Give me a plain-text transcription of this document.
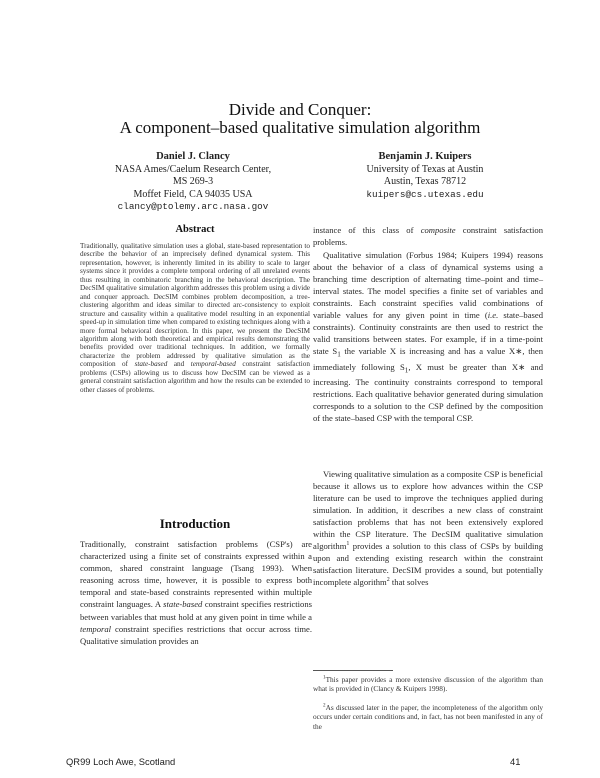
Divide and Conquer:
A component–based qualitative simulation algorithm
Daniel J. Clancy
NASA Ames/Caelum Research Center,
MS 269-3
Moffet Field, CA 94035 USA
clancy@ptolemy.arc.nasa.gov
Benjamin J. Kuipers
University of Texas at Austin
Austin, Texas 78712
kuipers@cs.utexas.edu
Abstract

Traditionally, qualitative simulation uses a global, state-based representation to describe the behavior of an imprecisely defined dynamical system. This representation, however, is inherently limited in its ability to scale to larger systems since it provides a complete temporal ordering of all unrelated events thus resulting in combinatoric branching in the behavioral description. The DecSIM qualitative simulation algorithm addresses this problem using a divide and conquer approach. DecSIM combines problem decomposition, a tree-clustering algorithm and ideas similar to directed arc-consistency to exploit structure and causality within a qualitative model resulting in an exponential speed-up in simulation time when compared to existing techniques along with a more formal behavioral description. In this paper, we present the DecSIM algorithm along with both theoretical and empirical results demonstrating the benefits provided over traditional techniques. In addition, we formally characterize the problem addressed by qualitative simulation as the composition of state-based and temporal-based constraint satisfaction problems (CSPs) allowing us to discuss how DecSIM can be viewed as a general constraint satisfaction algorithm and how the results can be extended to other classes of problems.

Introduction

Traditionally, constraint satisfaction problems (CSP's) are characterized using a finite set of constraints expressed within a common, shared constraint language (Tsang 1993). When reasoning across time, however, it is possible to express both temporal and state-based constraints represented within multiple constraint languages. A state-based constraint specifies restrictions between variables that must hold at any given point in time while a temporal constraint specifies restrictions that occur across time. Qualitative simulation provides an

instance of this class of composite constraint satisfaction problems.

Qualitative simulation (Forbus 1984; Kuipers 1994) reasons about the behavior of a class of dynamical systems using a branching time description of alternating time–point and time–interval states. The model specifies a finite set of variables and constraints. Each constraint specifies valid combinations of variable values for any given point in time (i.e. state–based constraints). Continuity constraints are then used to restrict the valid transitions between states. For example, if in a time-point state $S_1$ the variable X is increasing and has a value X∗, then immediately following $S_1$, X must be greater than X∗ and increasing. The continuity constraints correspond to temporal restrictions. Each qualitative behavior generated during simulation corresponds to a solution to the CSP defined by the composition of the state–based CSP with the temporal CSP.

Viewing qualitative simulation as a composite CSP is beneficial because it allows us to explore how advances within the CSP literature can be used to improve the techniques applied during simulation. In addition, it describes a new class of constraint satisfaction problems that has not been extensively explored within the CSP literature. The DecSIM qualitative simulation algorithm$^1$ provides a solution to this class of CSPs by building upon and extending existing research within the constraint satisfaction literature. DecSIM provides a sound, but potentially incomplete algorithm$^2$ that solves

$^1$This paper provides a more extensive discussion of the algorithm than what is provided in (Clancy & Kuipers 1998).

$^2$As discussed later in the paper, the incompleteness of the algorithm only occurs under certain conditions and, in fact, has not been manifested in any of the

QR99 Loch Awe, Scotland	41
